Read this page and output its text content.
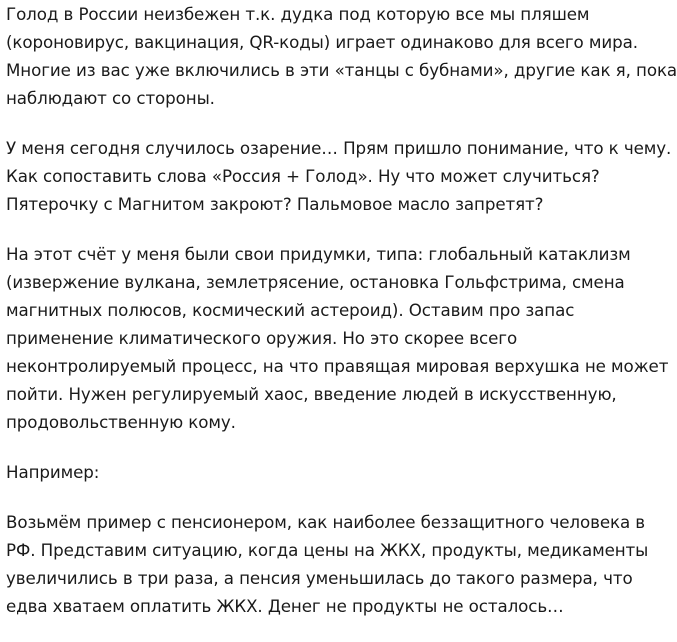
Голод в России неизбежен т.к. дудка под которую все мы пляшем
(короновирус, вакцинация, QR-коды) играет одинаково для всего мира.
Многие из вас уже включились в эти «танцы с бубнами», другие как я, пока
наблюдают со стороны.

У меня сегодня случилось озарение… Прям пришло понимание, что к чему.
Как сопоставить слова «Россия + Голод». Ну что может случиться?
Пятерочку с Магнитом закроют? Пальмовое масло запретят?

На этот счёт у меня были свои придумки, типа: глобальный катаклизм
(извержение вулкана, землетрясение, остановка Гольфстрима, смена
магнитных полюсов, космический астероид). Оставим про запас
применение климатического оружия. Но это скорее всего
неконтролируемый процесс, на что правящая мировая верхушка не может
пойти. Нужен регулируемый хаос, введение людей в искусственную,
продовольственную кому.

Например:

Возьмём пример с пенсионером, как наиболее беззащитного человека в
РФ. Представим ситуацию, когда цены на ЖКХ, продукты, медикаменты
увеличились в три раза, а пенсия уменьшилась до такого размера, что
едва хватаем оплатить ЖКХ. Денег не продукты не осталось…
